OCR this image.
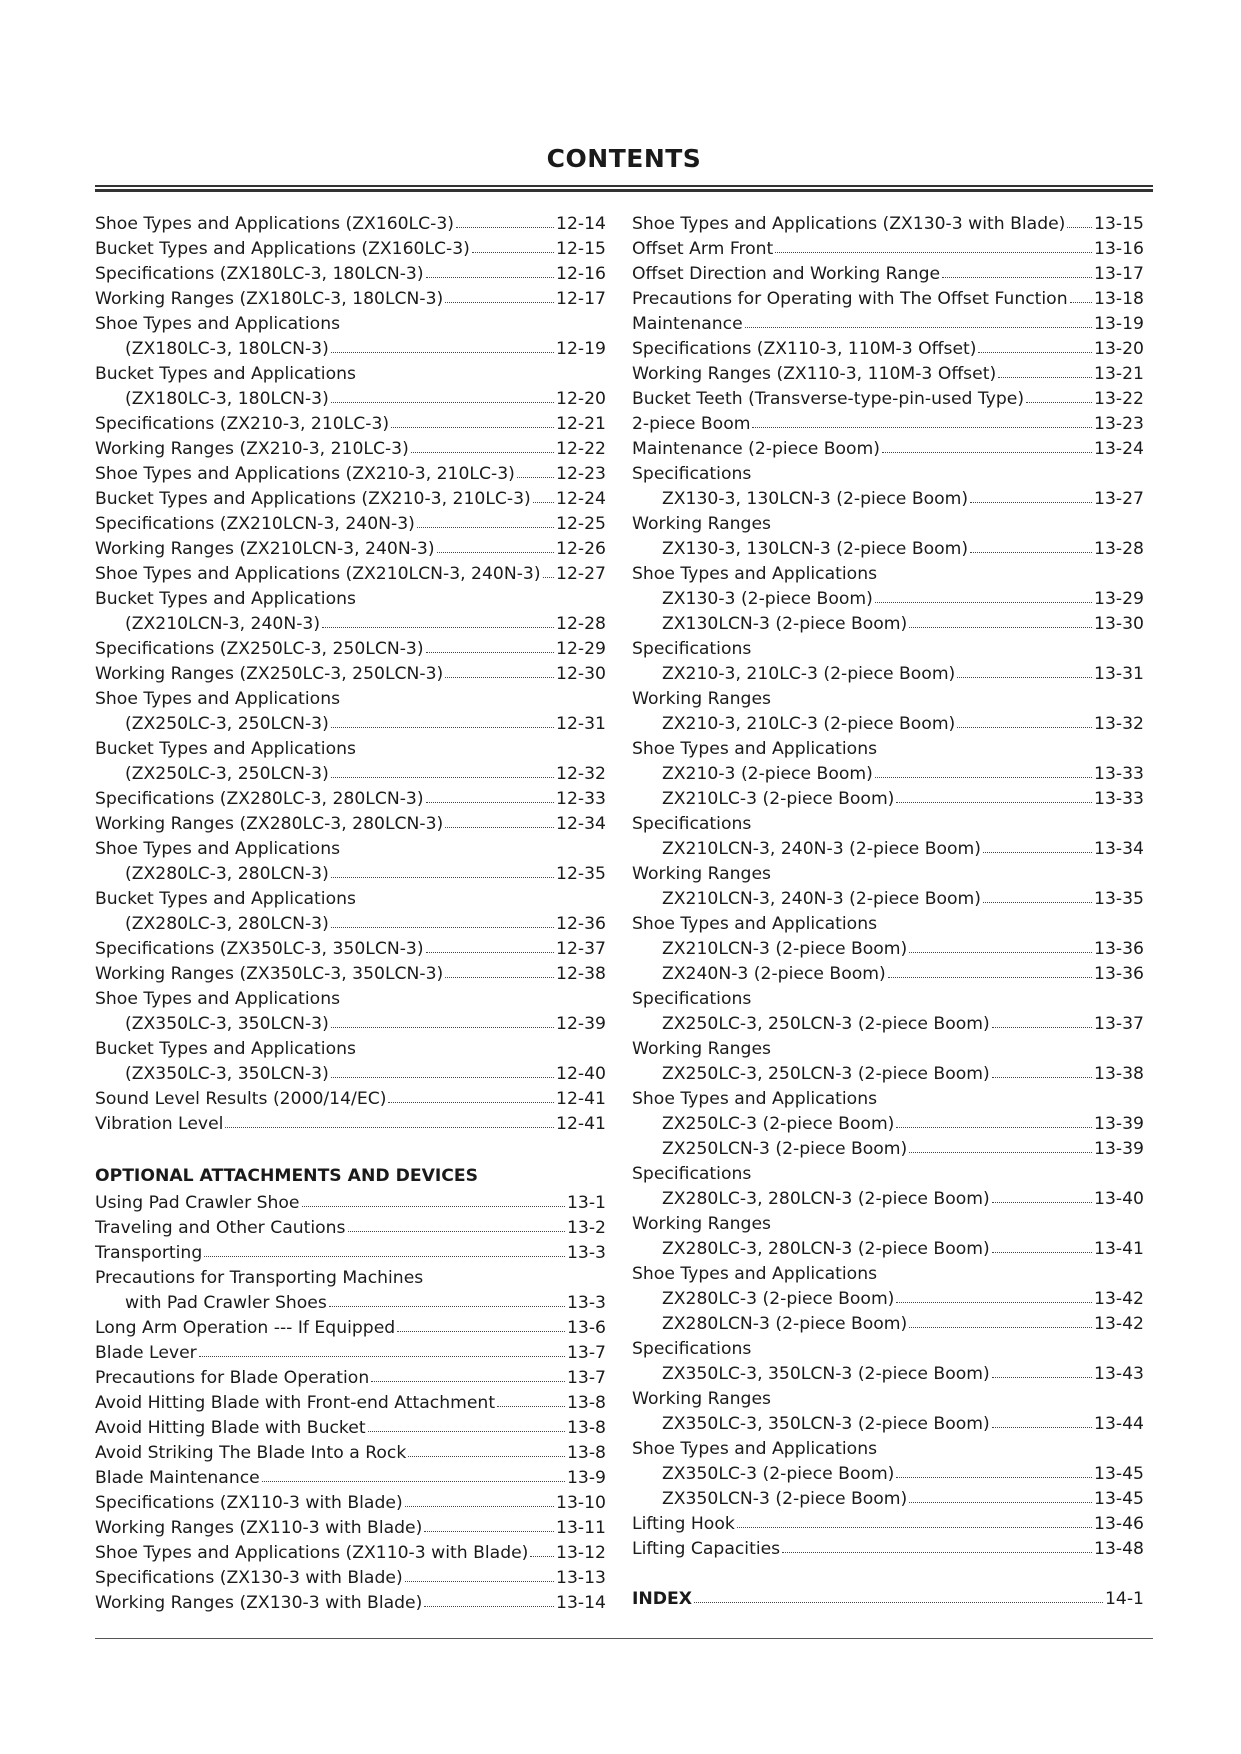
CONTENTS
Shoe Types and Applications (ZX160LC-3)	12-14
Bucket Types and Applications (ZX160LC-3)	12-15
Specifications (ZX180LC-3, 180LCN-3)	12-16
Working Ranges (ZX180LC-3, 180LCN-3)	12-17
Shoe Types and Applications
(ZX180LC-3, 180LCN-3)	12-19
Bucket Types and Applications
(ZX180LC-3, 180LCN-3)	12-20
Specifications (ZX210-3, 210LC-3)	12-21
Working Ranges (ZX210-3, 210LC-3)	12-22
Shoe Types and Applications (ZX210-3, 210LC-3) 12-23
Bucket Types and Applications (ZX210-3, 210LC-3) 12-24
Specifications (ZX210LCN-3, 240N-3)	12-25
Working Ranges (ZX210LCN-3, 240N-3)	12-26
Shoe Types and Applications (ZX210LCN-3, 240N-3) 12-27
Bucket Types and Applications
(ZX210LCN-3, 240N-3)	12-28
Specifications (ZX250LC-3, 250LCN-3)	12-29
Working Ranges (ZX250LC-3, 250LCN-3)	12-30
Shoe Types and Applications
(ZX250LC-3, 250LCN-3)	12-31
Bucket Types and Applications
(ZX250LC-3, 250LCN-3)	12-32
Specifications (ZX280LC-3, 280LCN-3)	12-33
Working Ranges (ZX280LC-3, 280LCN-3)	12-34
Shoe Types and Applications
(ZX280LC-3, 280LCN-3)	12-35
Bucket Types and Applications
(ZX280LC-3, 280LCN-3)	12-36
Specifications (ZX350LC-3, 350LCN-3)	12-37
Working Ranges (ZX350LC-3, 350LCN-3)	12-38
Shoe Types and Applications
(ZX350LC-3, 350LCN-3)	12-39
Bucket Types and Applications
(ZX350LC-3, 350LCN-3)	12-40
Sound Level Results (2000/14/EC)	12-41
Vibration Level	12-41
OPTIONAL ATTACHMENTS AND DEVICES
Using Pad Crawler Shoe	13-1
Traveling and Other Cautions	13-2
Transporting	13-3
Precautions for Transporting Machines
with Pad Crawler Shoes	13-3
Long Arm Operation --- If Equipped	13-6
Blade Lever	13-7
Precautions for Blade Operation	13-7
Avoid Hitting Blade with Front-end Attachment	13-8
Avoid Hitting Blade with Bucket	13-8
Avoid Striking The Blade Into a Rock	13-8
Blade Maintenance	13-9
Specifications (ZX110-3 with Blade)	13-10
Working Ranges (ZX110-3 with Blade)	13-11
Shoe Types and Applications (ZX110-3 with Blade) 13-12
Specifications (ZX130-3 with Blade)	13-13
Working Ranges (ZX130-3 with Blade)	13-14
Shoe Types and Applications (ZX130-3 with Blade) 13-15
Offset Arm Front	13-16
Offset Direction and Working Range	13-17
Precautions for Operating with The Offset Function 13-18
Maintenance	13-19
Specifications (ZX110-3, 110M-3 Offset)	13-20
Working Ranges (ZX110-3, 110M-3 Offset)	13-21
Bucket Teeth (Transverse-type-pin-used Type)	13-22
2-piece Boom	13-23
Maintenance (2-piece Boom)	13-24
Specifications
ZX130-3, 130LCN-3 (2-piece Boom)	13-27
Working Ranges
ZX130-3, 130LCN-3 (2-piece Boom)	13-28
Shoe Types and Applications
ZX130-3 (2-piece Boom)	13-29
ZX130LCN-3 (2-piece Boom)	13-30
Specifications
ZX210-3, 210LC-3 (2-piece Boom)	13-31
Working Ranges
ZX210-3, 210LC-3 (2-piece Boom)	13-32
Shoe Types and Applications
ZX210-3 (2-piece Boom)	13-33
ZX210LC-3 (2-piece Boom)	13-33
Specifications
ZX210LCN-3, 240N-3 (2-piece Boom)	13-34
Working Ranges
ZX210LCN-3, 240N-3 (2-piece Boom)	13-35
Shoe Types and Applications
ZX210LCN-3 (2-piece Boom)	13-36
ZX240N-3 (2-piece Boom)	13-36
Specifications
ZX250LC-3, 250LCN-3 (2-piece Boom)	13-37
Working Ranges
ZX250LC-3, 250LCN-3 (2-piece Boom)	13-38
Shoe Types and Applications
ZX250LC-3 (2-piece Boom)	13-39
ZX250LCN-3 (2-piece Boom)	13-39
Specifications
ZX280LC-3, 280LCN-3 (2-piece Boom)	13-40
Working Ranges
ZX280LC-3, 280LCN-3 (2-piece Boom)	13-41
Shoe Types and Applications
ZX280LC-3 (2-piece Boom)	13-42
ZX280LCN-3 (2-piece Boom)	13-42
Specifications
ZX350LC-3, 350LCN-3 (2-piece Boom)	13-43
Working Ranges
ZX350LC-3, 350LCN-3 (2-piece Boom)	13-44
Shoe Types and Applications
ZX350LC-3 (2-piece Boom)	13-45
ZX350LCN-3 (2-piece Boom)	13-45
Lifting Hook	13-46
Lifting Capacities	13-48
INDEX	14-1
